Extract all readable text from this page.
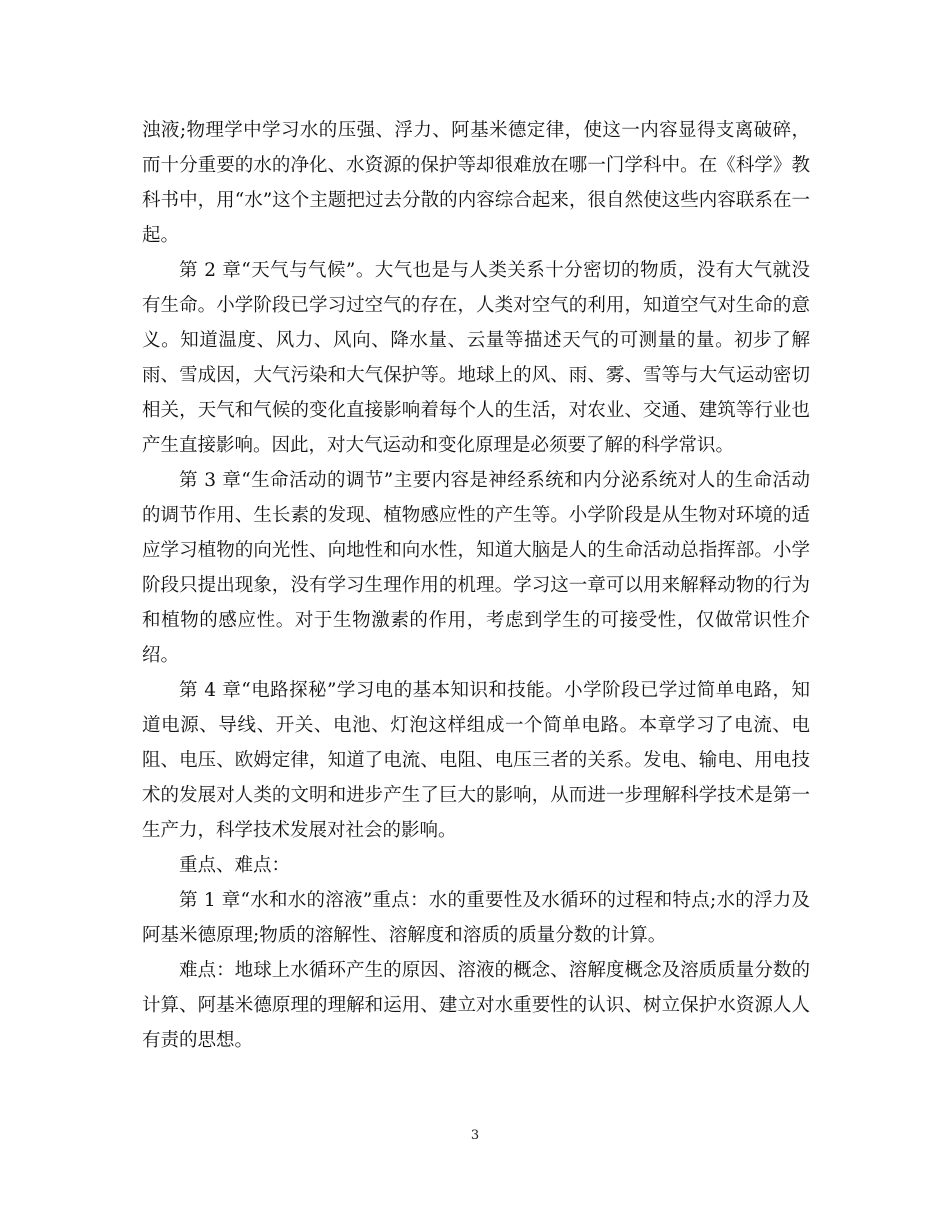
浊液;物理学中学习水的压强、浮力、阿基米德定律，使这一内容显得支离破碎，而十分重要的水的净化、水资源的保护等却很难放在哪一门学科中。在《科学》教科书中，用“水”这个主题把过去分散的内容综合起来，很自然使这些内容联系在一起。

第 2 章“天气与气候”。大气也是与人类关系十分密切的物质，没有大气就没有生命。小学阶段已学习过空气的存在，人类对空气的利用，知道空气对生命的意义。知道温度、风力、风向、降水量、云量等描述天气的可测量的量。初步了解雨、雪成因，大气污染和大气保护等。地球上的风、雨、雾、雪等与大气运动密切相关，天气和气候的变化直接影响着每个人的生活，对农业、交通、建筑等行业也产生直接影响。因此，对大气运动和变化原理是必须要了解的科学常识。

第 3 章“生命活动的调节”主要内容是神经系统和内分泌系统对人的生命活动的调节作用、生长素的发现、植物感应性的产生等。小学阶段是从生物对环境的适应学习植物的向光性、向地性和向水性，知道大脑是人的生命活动总指挥部。小学阶段只提出现象，没有学习生理作用的机理。学习这一章可以用来解释动物的行为和植物的感应性。对于生物激素的作用，考虑到学生的可接受性，仅做常识性介绍。

第 4 章“电路探秘”学习电的基本知识和技能。小学阶段已学过简单电路，知道电源、导线、开关、电池、灯泡这样组成一个简单电路。本章学习了电流、电阻、电压、欧姆定律，知道了电流、电阻、电压三者的关系。发电、输电、用电技术的发展对人类的文明和进步产生了巨大的影响，从而进一步理解科学技术是第一生产力，科学技术发展对社会的影响。

重点、难点：

第 1 章“水和水的溶液”重点：水的重要性及水循环的过程和特点;水的浮力及阿基米德原理;物质的溶解性、溶解度和溶质的质量分数的计算。

难点：地球上水循环产生的原因、溶液的概念、溶解度概念及溶质质量分数的计算、阿基米德原理的理解和运用、建立对水重要性的认识、树立保护水资源人人有责的思想。

3
